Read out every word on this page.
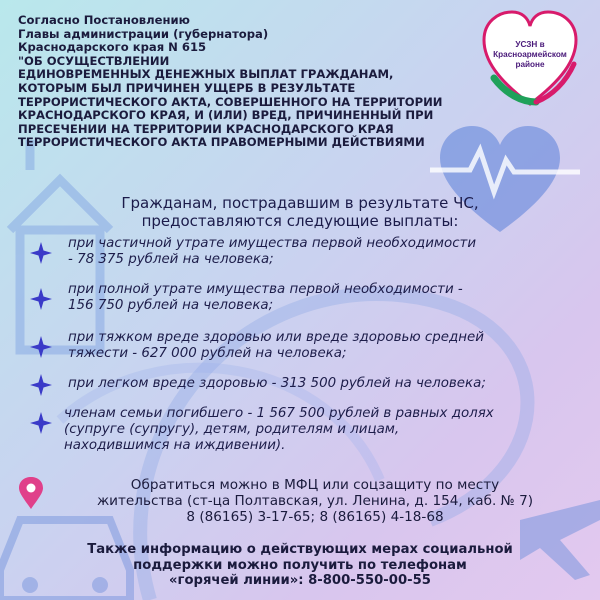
Согласно Постановлению
Главы администрации (губернатора)
Краснодарского края N 615
"ОБ ОСУЩЕСТВЛЕНИИ
ЕДИНОВРЕМЕННЫХ ДЕНЕЖНЫХ ВЫПЛАТ ГРАЖДАНАМ,
КОТОРЫМ БЫЛ ПРИЧИНЕН УЩЕРБ В РЕЗУЛЬТАТЕ
ТЕРРОРИСТИЧЕСКОГО АКТА, СОВЕРШЕННОГО НА ТЕРРИТОРИИ
КРАСНОДАРСКОГО КРАЯ, И (ИЛИ) ВРЕД, ПРИЧИНЕННЫЙ ПРИ
ПРЕСЕЧЕНИИ НА ТЕРРИТОРИИ КРАСНОДАРСКОГО КРАЯ
ТЕРРОРИСТИЧЕСКОГО АКТА ПРАВОМЕРНЫМИ ДЕЙСТВИЯМИ
УСЗН в
Красноармейском
районе
Гражданам, пострадавшим в результате ЧС,
предоставляются следующие выплаты:
при частичной утрате имущества первой необходимости
- 78 375 рублей на человека;
при полной утрате имущества первой необходимости -
156 750 рублей на человека;
при тяжком вреде здоровью или вреде здоровью средней
тяжести - 627 000 рублей на человека;
при легком вреде здоровью - 313 500 рублей на человека;
членам семьи погибшего - 1 567 500 рублей в равных долях
(супруге (супругу), детям, родителям и лицам,
находившимся на иждивении).
Обратиться можно в МФЦ или соцзащиту по месту
жительства (ст-ца Полтавская, ул. Ленина, д. 154, каб. № 7)
8 (86165) 3-17-65; 8 (86165) 4-18-68
Также информацию о действующих мерах социальной
поддержки можно получить по телефонам
«горячей линии»: 8-800-550-00-55
